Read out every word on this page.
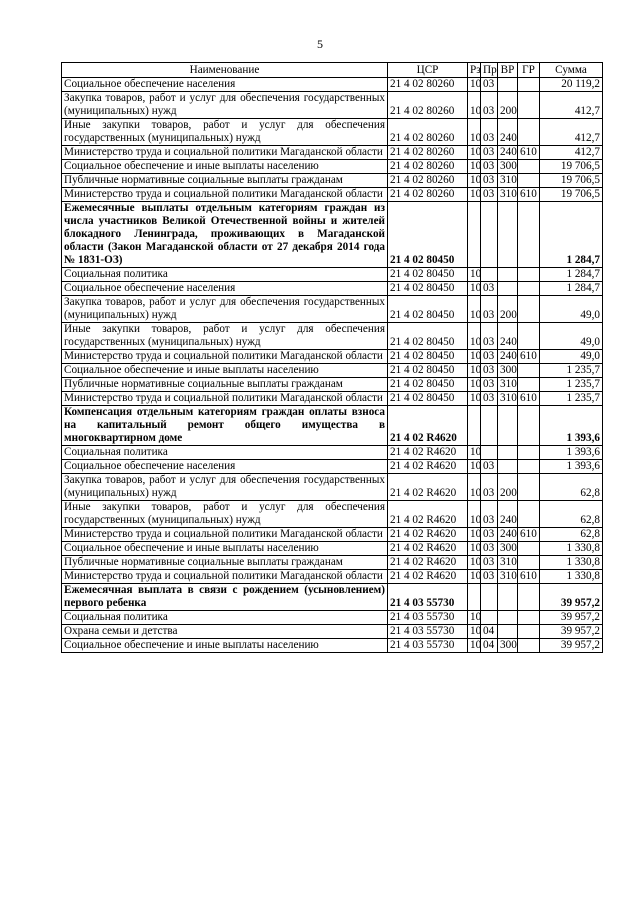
5
Наименование	ЦСР	Рз	Пр	ВР	ГР	Сумма
Социальное обеспечение населения	21 4 02 80260	10	03			20 119,2
Закупка товаров, работ и услуг для обеспечения государственных (муниципальных) нужд	21 4 02 80260	10	03	200		412,7
Иные закупки товаров, работ и услуг для обеспечения государственных (муниципальных) нужд	21 4 02 80260	10	03	240		412,7
Министерство труда и социальной политики Магаданской области	21 4 02 80260	10	03	240	610	412,7
Социальное обеспечение и иные выплаты населению	21 4 02 80260	10	03	300		19 706,5
Публичные нормативные социальные выплаты гражданам	21 4 02 80260	10	03	310		19 706,5
Министерство труда и социальной политики Магаданской области	21 4 02 80260	10	03	310	610	19 706,5
Ежемесячные выплаты отдельным категориям граждан из числа участников Великой Отечественной войны и жителей блокадного Ленинграда, проживающих в Магаданской области (Закон Магаданской области от 27 декабря 2014 года № 1831-ОЗ)	21 4 02 80450					1 284,7
Социальная политика	21 4 02 80450	10				1 284,7
Социальное обеспечение населения	21 4 02 80450	10	03			1 284,7
Закупка товаров, работ и услуг для обеспечения государственных (муниципальных) нужд	21 4 02 80450	10	03	200		49,0
Иные закупки товаров, работ и услуг для обеспечения государственных (муниципальных) нужд	21 4 02 80450	10	03	240		49,0
Министерство труда и социальной политики Магаданской области	21 4 02 80450	10	03	240	610	49,0
Социальное обеспечение и иные выплаты населению	21 4 02 80450	10	03	300		1 235,7
Публичные нормативные социальные выплаты гражданам	21 4 02 80450	10	03	310		1 235,7
Министерство труда и социальной политики Магаданской области	21 4 02 80450	10	03	310	610	1 235,7
Компенсация отдельным категориям граждан оплаты взноса на капитальный ремонт общего имущества в многоквартирном доме	21 4 02 R4620					1 393,6
Социальная политика	21 4 02 R4620	10				1 393,6
Социальное обеспечение населения	21 4 02 R4620	10	03			1 393,6
Закупка товаров, работ и услуг для обеспечения государственных (муниципальных) нужд	21 4 02 R4620	10	03	200		62,8
Иные закупки товаров, работ и услуг для обеспечения государственных (муниципальных) нужд	21 4 02 R4620	10	03	240		62,8
Министерство труда и социальной политики Магаданской области	21 4 02 R4620	10	03	240	610	62,8
Социальное обеспечение и иные выплаты населению	21 4 02 R4620	10	03	300		1 330,8
Публичные нормативные социальные выплаты гражданам	21 4 02 R4620	10	03	310		1 330,8
Министерство труда и социальной политики Магаданской области	21 4 02 R4620	10	03	310	610	1 330,8
Ежемесячная выплата в связи с рождением (усыновлением) первого ребенка	21 4 03 55730					39 957,2
Социальная политика	21 4 03 55730	10				39 957,2
Охрана семьи и детства	21 4 03 55730	10	04			39 957,2
Социальное обеспечение и иные выплаты населению	21 4 03 55730	10	04	300		39 957,2
